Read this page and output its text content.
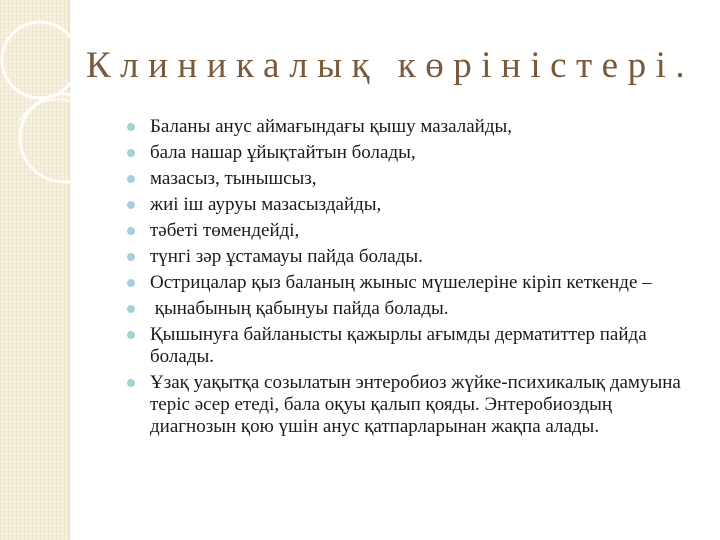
Клиникалық көріністері.
Баланы анус аймағындағы қышу мазалайды,
бала нашар ұйықтайтын болады,
мазасыз, тынышсыз,
жиі іш ауруы мазасыздайды,
тәбеті төмендейді,
түнгі зәр ұстамауы пайда болады.
Острицалар қыз баланың жыныс мүшелеріне кіріп кеткенде –
қынабының қабынуы пайда болады.
Қышынуға байланысты қажырлы ағымды дерматиттер пайда болады.
Ұзақ уақытқа созылатын энтеробиоз жүйке-психикалық дамуына теріс әсер етеді, бала оқуы қалып қояды. Энтеробиоздың диагнозын қою үшін анус қатпарларынан жақпа алады.
